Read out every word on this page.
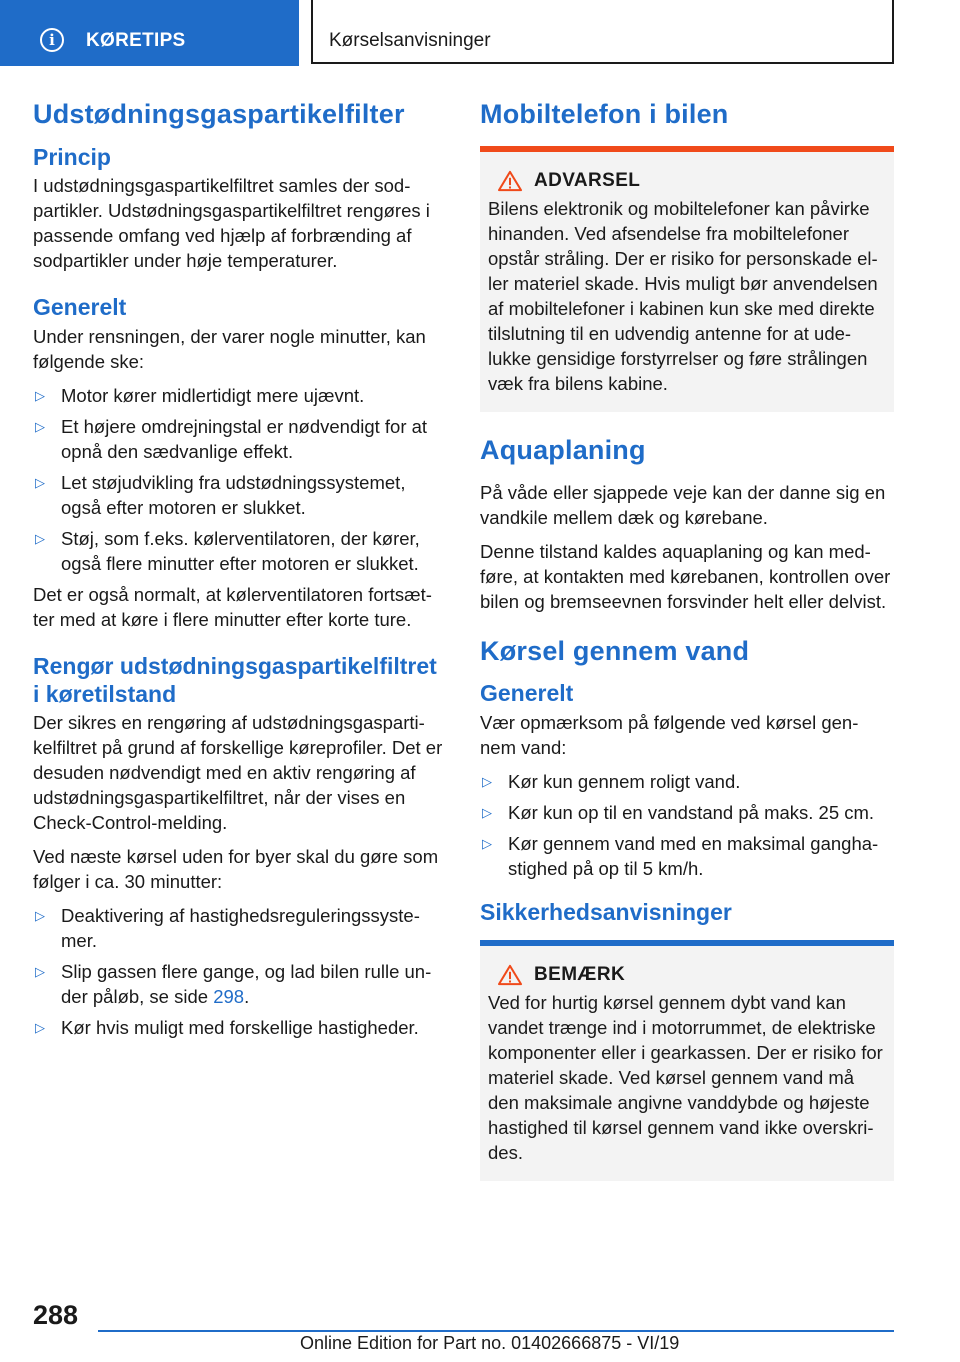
i	KØRETIPS	Kørselsanvisninger
Udstødningsgaspartikelfilter
Princip

I udstødningsgaspartikelfiltret samles der sod-partikler. Udstødningsgaspartikelfiltret rengøres i passende omfang ved hjælp af forbrænding af sodpartikler under høje temperaturer.

Generelt

Under rensningen, der varer nogle minutter, kan følgende ske:

▷ Motor kører midlertidigt mere ujævnt.
▷ Et højere omdrejningstal er nødvendigt for at opnå den sædvanlige effekt.
▷ Let støjudvikling fra udstødningssystemet, også efter motoren er slukket.
▷ Støj, som f.eks. kølerventilatoren, der kører, også flere minutter efter motoren er slukket.

Det er også normalt, at kølerventilatoren fortsæt-ter med at køre i flere minutter efter korte ture.

Rengør udstødningsgaspartikelfiltret i køretilstand

Der sikres en rengøring af udstødningsgasparti-kelfiltret på grund af forskellige køreprofiler. Det er desuden nødvendigt med en aktiv rengøring af udstødningsgaspartikelfiltret, når der vises en Check-Control-melding.

Ved næste kørsel uden for byer skal du gøre som følger i ca. 30 minutter:

▷ Deaktivering af hastighedsreguleringssyste-mer.
▷ Slip gassen flere gange, og lad bilen rulle un-der påløb, se side 298.
▷ Kør hvis muligt med forskellige hastigheder.
Mobiltelefon i bilen
ADVARSEL

Bilens elektronik og mobiltelefoner kan påvirke hinanden. Ved afsendelse fra mobiltelefoner opstår stråling. Der er risiko for personskade el-ler materiel skade. Hvis muligt bør anvendelsen af mobiltelefoner i kabinen kun ske med direkte tilslutning til en udvendig antenne for at ude-lukke gensidige forstyrrelser og føre strålingen væk fra bilens kabine.

Aquaplaning

På våde eller sjappede veje kan der danne sig en vandkile mellem dæk og kørebane.

Denne tilstand kaldes aquaplaning og kan med-føre, at kontakten med kørebanen, kontrollen over bilen og bremseevnen forsvinder helt eller delvist.

Kørsel gennem vand
Generelt

Vær opmærksom på følgende ved kørsel gen-nem vand:

▷ Kør kun gennem roligt vand.
▷ Kør kun op til en vandstand på maks. 25 cm.
▷ Kør gennem vand med en maksimal gangha-stighed på op til 5 km/h.
Sikkerhedsanvisninger
BEMÆRK

Ved for hurtig kørsel gennem dybt vand kan vandet trænge ind i motorrummet, de elektriske komponenter eller i gearkassen. Der er risiko for materiel skade. Ved kørsel gennem vand må den maksimale angivne vanddybde og højeste hastighed til kørsel gennem vand ikke overskri-des.

288
Online Edition for Part no. 01402666875 - VI/19
